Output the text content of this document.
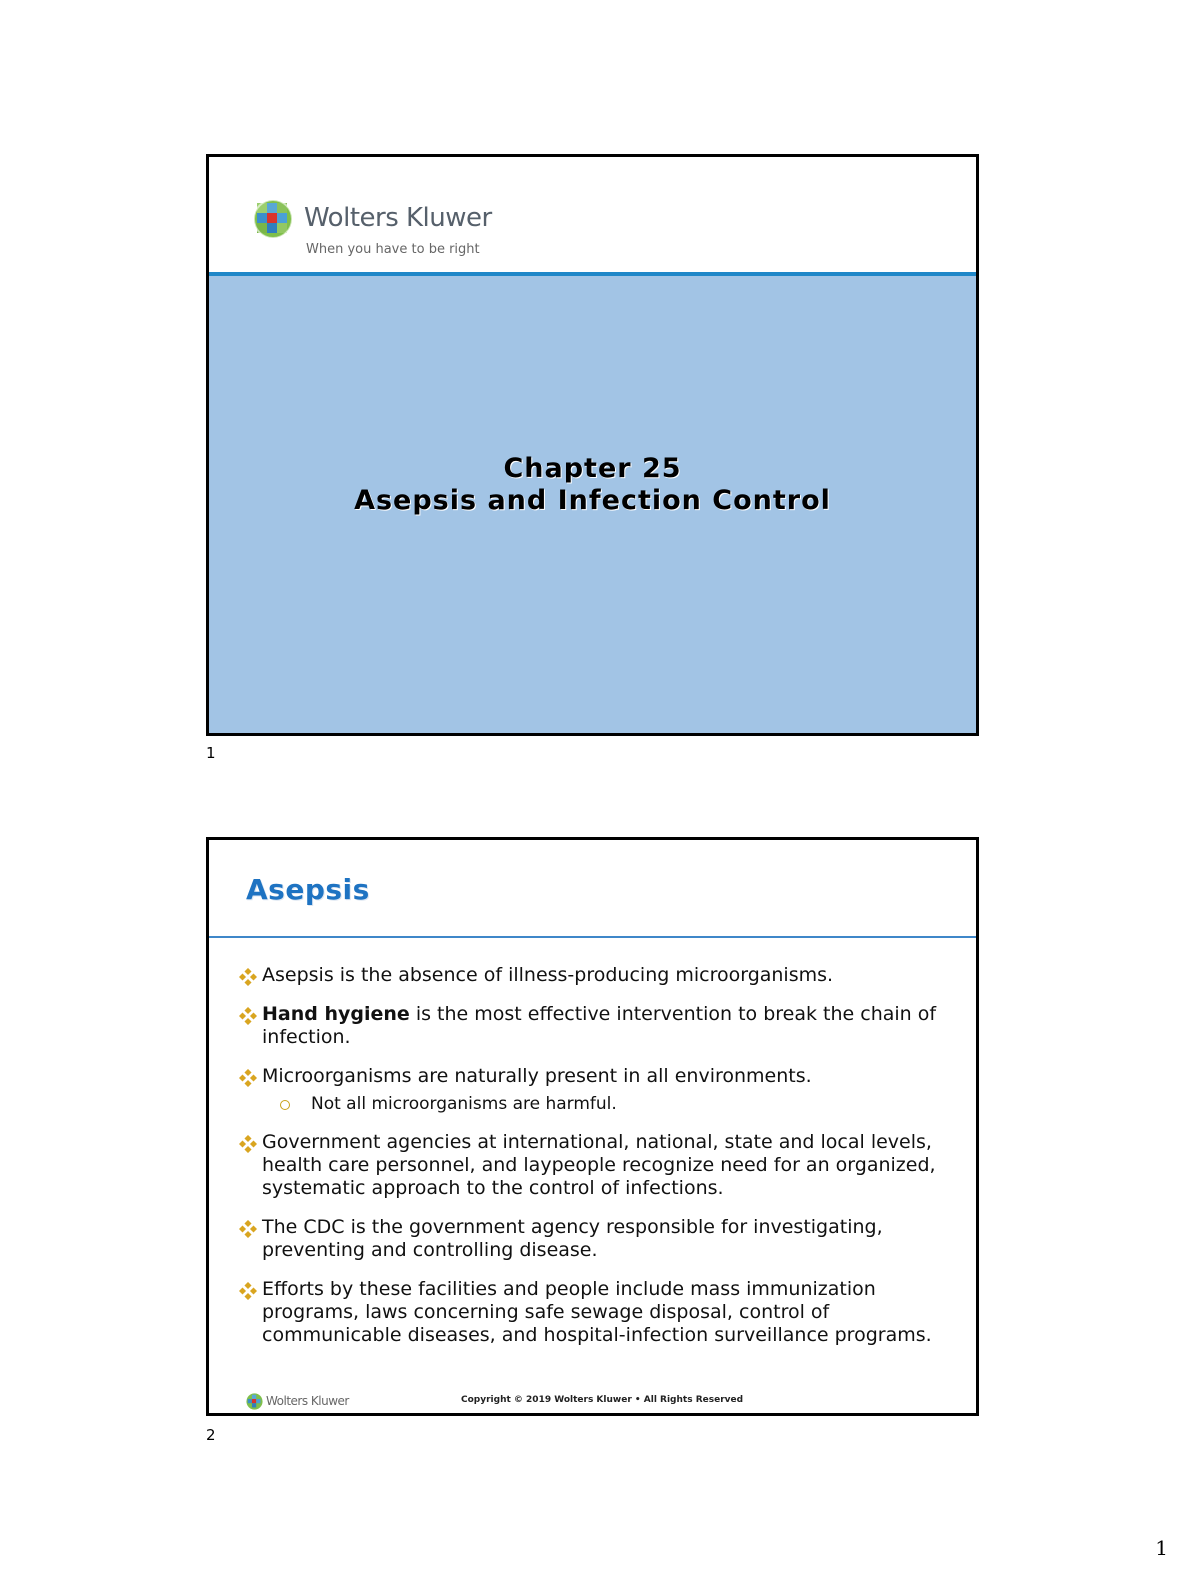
Wolters Kluwer
When you have to be right
Chapter 25
Asepsis and Infection Control
1
Asepsis
Asepsis is the absence of illness-producing microorganisms.
Hand hygiene is the most effective intervention to break the chain of infection.
Microorganisms are naturally present in all environments.
Not all microorganisms are harmful.
Government agencies at international, national, state and local levels, health care personnel, and laypeople recognize need for an organized, systematic approach to the control of infections.
The CDC is the government agency responsible for investigating, preventing and controlling disease.
Efforts by these facilities and people include mass immunization programs, laws concerning safe sewage disposal, control of communicable diseases, and hospital-infection surveillance programs.
Wolters Kluwer	Copyright © 2019 Wolters Kluwer • All Rights Reserved
2
1
